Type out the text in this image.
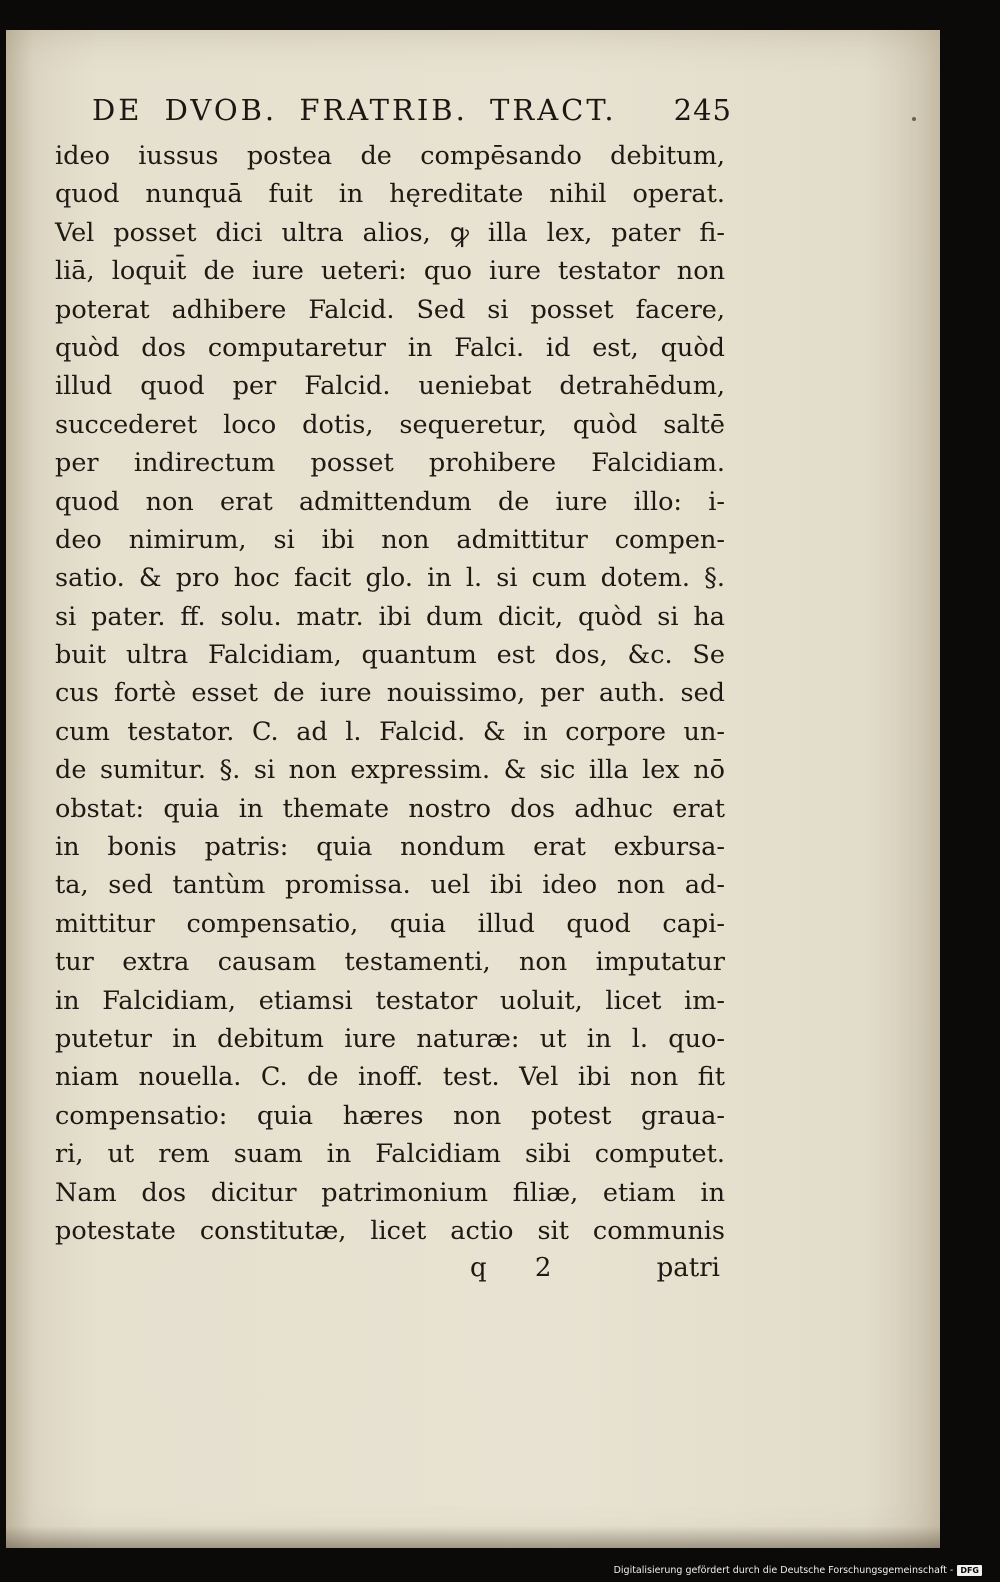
DE DVOB. FRATRIB. TRACT. 245
ideo iussus postea de compēsando debitum,
quod nunquā fuit in hęreditate nihil operat.
Vel posset dici ultra alios, ꝙ illa lex, pater fi-
liā, loquit̄ de iure ueteri: quo iure testator non
poterat adhibere Falcid. Sed si posset facere,
quòd dos computaretur in Falci. id est, quòd
illud quod per Falcid. ueniebat detrahēdum,
succederet loco dotis, sequeretur, quòd saltē
per indirectum posset prohibere Falcidiam.
quod non erat admittendum de iure illo: i-
deo nimirum, si ibi non admittitur compen-
satio. & pro hoc facit glo. in l. si cum dotem. §.
si pater. ff. solu. matr. ibi dum dicit, quòd si ha
buit ultra Falcidiam, quantum est dos, &c. Se
cus fortè esset de iure nouissimo, per auth. sed
cum testator. C. ad l. Falcid. & in corpore un-
de sumitur. §. si non expressim. & sic illa lex nō
obstat: quia in themate nostro dos adhuc erat
in bonis patris: quia nondum erat exbursa-
ta, sed tantùm promissa. uel ibi ideo non ad-
mittitur compensatio, quia illud quod capi-
tur extra causam testamenti, non imputatur
in Falcidiam, etiamsi testator uoluit, licet im-
putetur in debitum iure naturæ: ut in l. quo-
niam nouella. C. de inoff. test. Vel ibi non fit
compensatio: quia hæres non potest graua-
ri, ut rem suam in Falcidiam sibi computet.
Nam dos dicitur patrimonium filiæ, etiam in
potestate constitutæ, licet actio sit communis
q 2	patri
Digitalisierung gefördert durch die Deutsche Forschungsgemeinschaft - DFG
